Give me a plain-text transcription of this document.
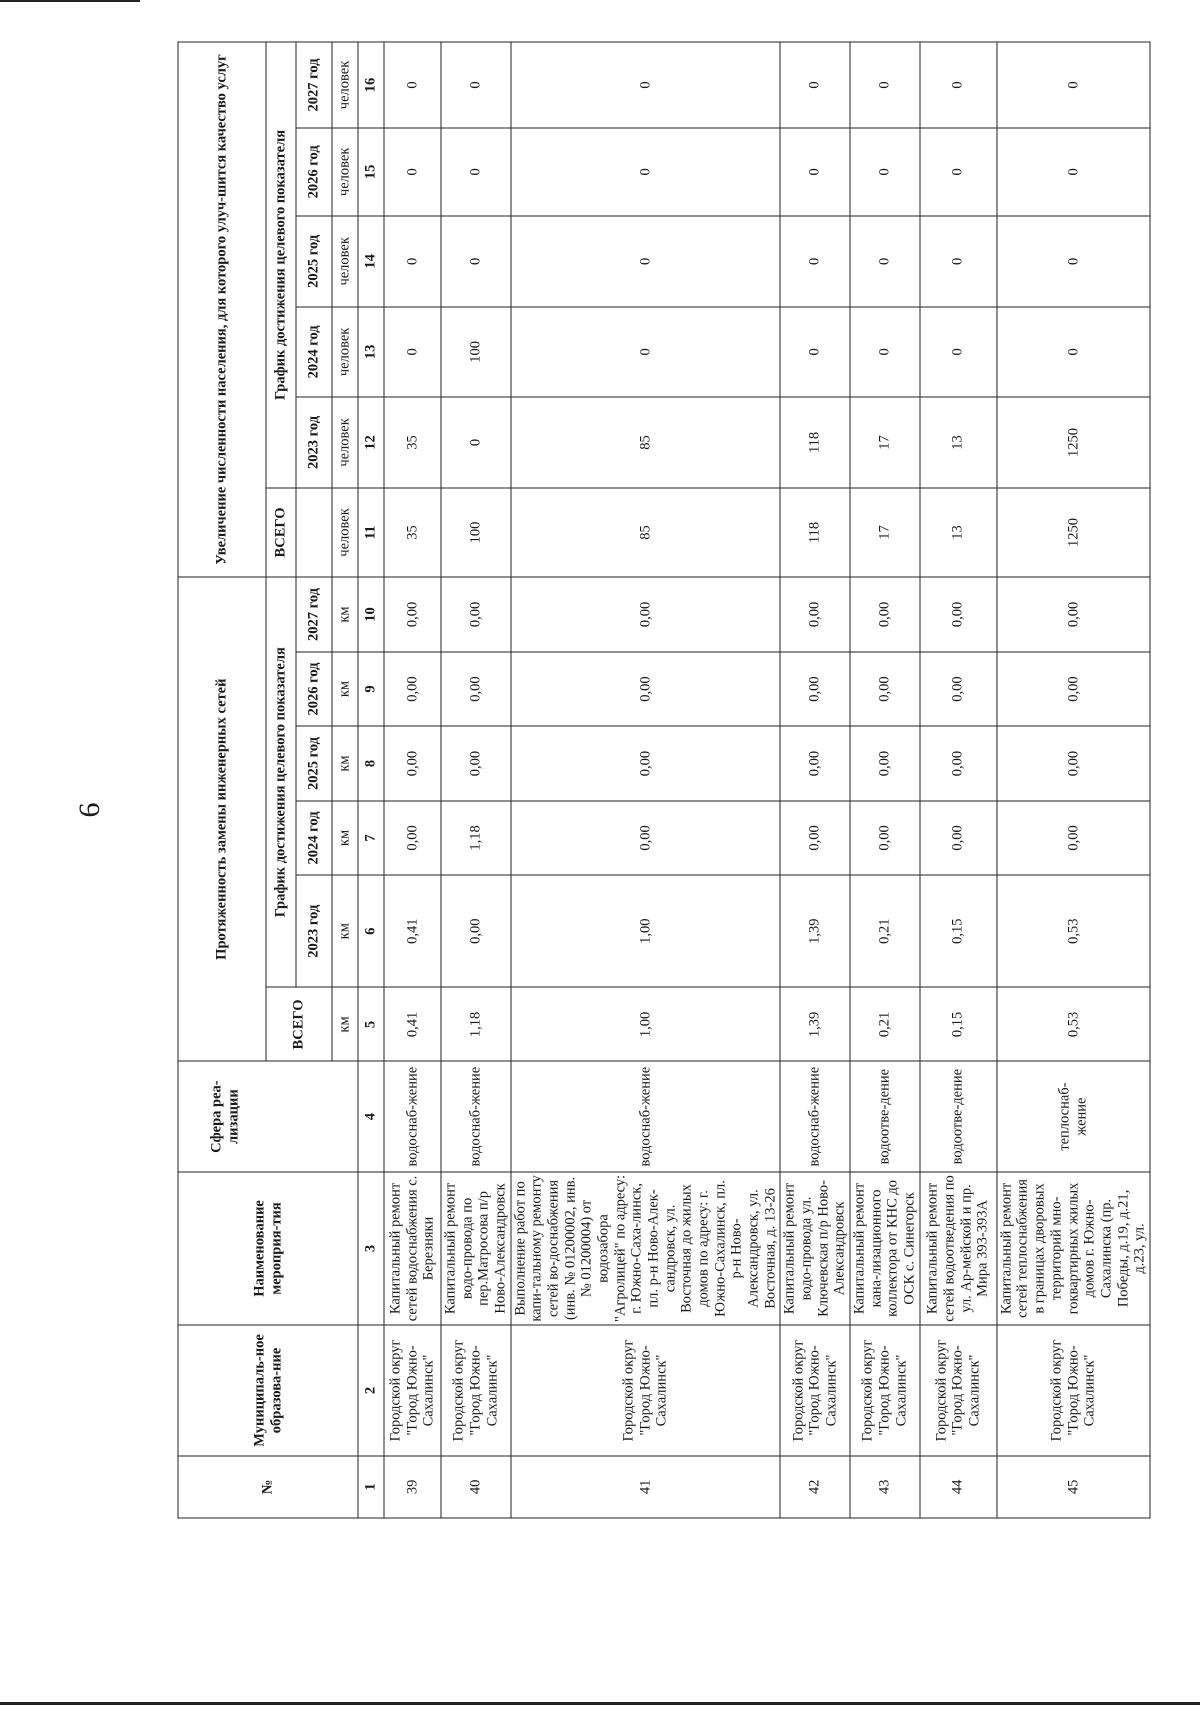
6
№	Муниципаль-ное образова-ние	Наименование мероприя-тия	Сфера реа-лизации	Протяженность замены инженерных сетей						Увеличение численности населения, для которого улуч-шится качество услуг					
				ВСЕГО	График достижения целевого показателя					ВСЕГО	График достижения целевого показателя				
					2023 год	2024 год	2025 год	2026 год	2027 год		2023 год	2024 год	2025 год	2026 год	2027 год
				км	км	км	км	км	км	человек	человек	человек	человек	человек	человек
1	2	3	4	5	6	7	8	9	10	11	12	13	14	15	16
39	Городской округ "Город Южно-Сахалинск"	Капитальный ремонт сетей водоснабжения с. Березняки	водоснаб-жение	0,41	0,41	0,00	0,00	0,00	0,00	35	35	0	0	0	0
40	Городской округ "Город Южно-Сахалинск"	Капитальный ремонт водо-провода по пер.Матросова п/р Ново-Александровск	водоснаб-жение	1,18	0,00	1,18	0,00	0,00	0,00	100	0	100	0	0	0
41	Городской округ "Город Южно-Сахалинск"	Выполнение работ по капи-тальному ремонту сетей во-доснабжения (инв. № 01200002, инв. № 01200004) от водозабора "Агролицей" по адресу: г. Южно-Саха-линск, пл. р-н Ново-Алек-сандровск, ул. Восточная до жилых домов по адресу: г. Южно-Сахалинск, пл. р-н Ново-Александровск, ул. Восточная, д. 13-26	водоснаб-жение	1,00	1,00	0,00	0,00	0,00	0,00	85	85	0	0	0	0
42	Городской округ "Город Южно-Сахалинск"	Капитальный ремонт водо-провода ул. Ключевская п/р Ново-Александровск	водоснаб-жение	1,39	1,39	0,00	0,00	0,00	0,00	118	118	0	0	0	0
43	Городской округ "Город Южно-Сахалинск"	Капитальный ремонт кана-лизационного коллектора от КНС до ОСК с. Синегорск	водоотве-дение	0,21	0,21	0,00	0,00	0,00	0,00	17	17	0	0	0	0
44	Городской округ "Город Южно-Сахалинск"	Капитальный ремонт сетей водоотведения по ул. Ар-мейской и пр. Мира 393-393А	водоотве-дение	0,15	0,15	0,00	0,00	0,00	0,00	13	13	0	0	0	0
45	Городской округ "Город Южно-Сахалинск"	Капитальный ремонт сетей теплоснабжения в границах дворовых территорий мно-гоквартирных жилых домов г. Южно-Сахалинска (пр. Победы, д.19, д.21, д.23, ул.	теплоснаб-жение	0,53	0,53	0,00	0,00	0,00	0,00	1250	1250	0	0	0	0
